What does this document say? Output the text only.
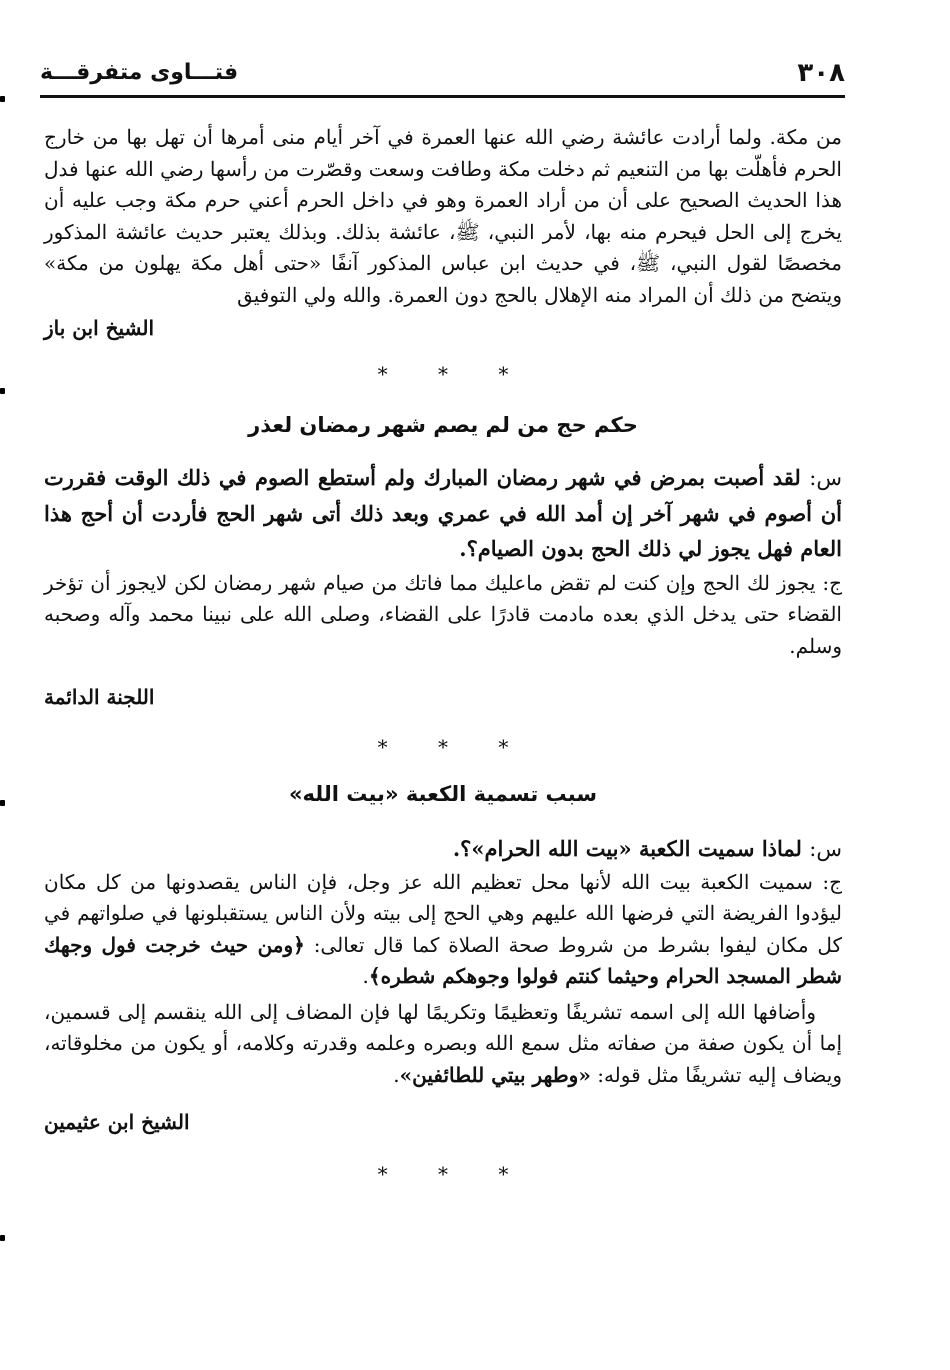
٣٠٨
فتـــاوى متفرقـــة

من مكة. ولما أرادت عائشة رضي الله عنها العمرة في آخر أيام منى أمرها أن تهل بها من خارج الحرم فأهلّت بها من التنعيم ثم دخلت مكة وطافت وسعت وقصّرت من رأسها رضي الله عنها فدل هذا الحديث الصحيح على أن من أراد العمرة وهو في داخل الحرم أعني حرم مكة وجب عليه أن يخرج إلى الحل فيحرم منه بها، لأمر النبي، ﷺ، عائشة بذلك. وبذلك يعتبر حديث عائشة المذكور مخصصًا لقول النبي، ﷺ، في حديث ابن عباس المذكور آنفًا «حتى أهل مكة يهلون من مكة» ويتضح من ذلك أن المراد منه الإهلال بالحج دون العمرة. والله ولي التوفيق

الشيخ ابن باز

* * *

حكم حج من لم يصم شهر رمضان لعذر

س: لقد أصبت بمرض في شهر رمضان المبارك ولم أستطع الصوم في ذلك الوقت فقررت أن أصوم في شهر آخر إن أمد الله في عمري وبعد ذلك أتى شهر الحج فأردت أن أحج هذا العام فهل يجوز لي ذلك الحج بدون الصيام؟.

ج: يجوز لك الحج وإن كنت لم تقض ماعليك مما فاتك من صيام شهر رمضان لكن لايجوز أن تؤخر القضاء حتى يدخل الذي بعده مادمت قادرًا على القضاء، وصلى الله على نبينا محمد وآله وصحبه وسلم.

اللجنة الدائمة

* * *

سبب تسمية الكعبة «بيت الله»

س: لماذا سميت الكعبة «بيت الله الحرام»؟.

ج: سميت الكعبة بيت الله لأنها محل تعظيم الله عز وجل، فإن الناس يقصدونها من كل مكان ليؤدوا الفريضة التي فرضها الله عليهم وهي الحج إلى بيته ولأن الناس يستقبلونها في صلواتهم في كل مكان ليفوا بشرط من شروط صحة الصلاة كما قال تعالى: ﴿ومن حيث خرجت فول وجهك شطر المسجد الحرام وحيثما كنتم فولوا وجوهكم شطره﴾.

وأضافها الله إلى اسمه تشريفًا وتعظيمًا وتكريمًا لها فإن المضاف إلى الله ينقسم إلى قسمين، إما أن يكون صفة من صفاته مثل سمع الله وبصره وعلمه وقدرته وكلامه، أو يكون من مخلوقاته، ويضاف إليه تشريفًا مثل قوله: «وطهر بيتي للطائفين».

الشيخ ابن عثيمين

* * *
